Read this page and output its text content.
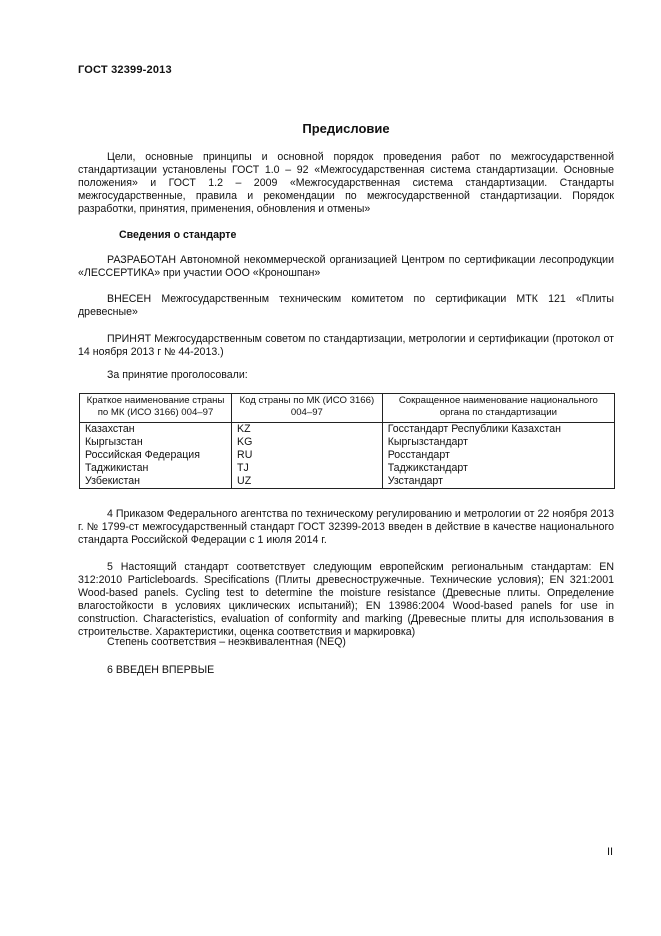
ГОСТ 32399-2013
Предисловие

Цели, основные принципы и основной порядок проведения работ по межгосударственной стандартизации установлены ГОСТ 1.0 – 92 «Межгосударственная система стандартизации. Основные положения» и ГОСТ 1.2 – 2009 «Межгосударственная система стандартизации. Стандарты межгосударственные, правила и рекомендации по межгосударственной стандартизации. Порядок разработки, принятия, применения, обновления и отмены»

Сведения о стандарте

РАЗРАБОТАН Автономной некоммерческой организацией Центром по сертификации лесопродукции «ЛЕССЕРТИКА» при участии ООО «Кроношпан»

ВНЕСЕН Межгосударственным техническим комитетом по сертификации МТК 121 «Плиты древесные»

ПРИНЯТ Межгосударственным советом по стандартизации, метрологии и сертификации (протокол от 14 ноября 2013 г № 44-2013.)

За принятие проголосовали:

Краткое наименование страны по МК (ИСО 3166) 004–97	Код страны по МК (ИСО 3166) 004–97	Сокращенное наименование национального органа по стандартизации
Казахстан	KZ	Госстандарт Республики Казахстан
Кыргызстан	KG	Кыргызстандарт
Российская Федерация	RU	Росстандарт
Таджикистан	TJ	Таджикстандарт
Узбекистан	UZ	Узстандарт

4 Приказом Федерального агентства по техническому регулированию и метрологии от 22 ноября 2013 г. № 1799-ст межгосударственный стандарт ГОСТ 32399-2013 введен в действие в качестве национального стандарта Российской Федерации с 1 июля 2014 г.

5 Настоящий стандарт соответствует следующим европейским региональным стандартам: EN 312:2010 Particleboards. Specifications (Плиты древесностружечные. Технические условия); EN 321:2001 Wood-based panels. Cycling test to determine the moisture resistance (Древесные плиты. Определение влагостойкости в условиях циклических испытаний); EN 13986:2004 Wood-based panels for use in construction. Characteristics, evaluation of conformity and marking (Древесные плиты для использования в строительстве. Характеристики, оценка соответствия и маркировка)

Степень соответствия – неэквивалентная (NEQ)

6 ВВЕДЕН ВПЕРВЫЕ

II
